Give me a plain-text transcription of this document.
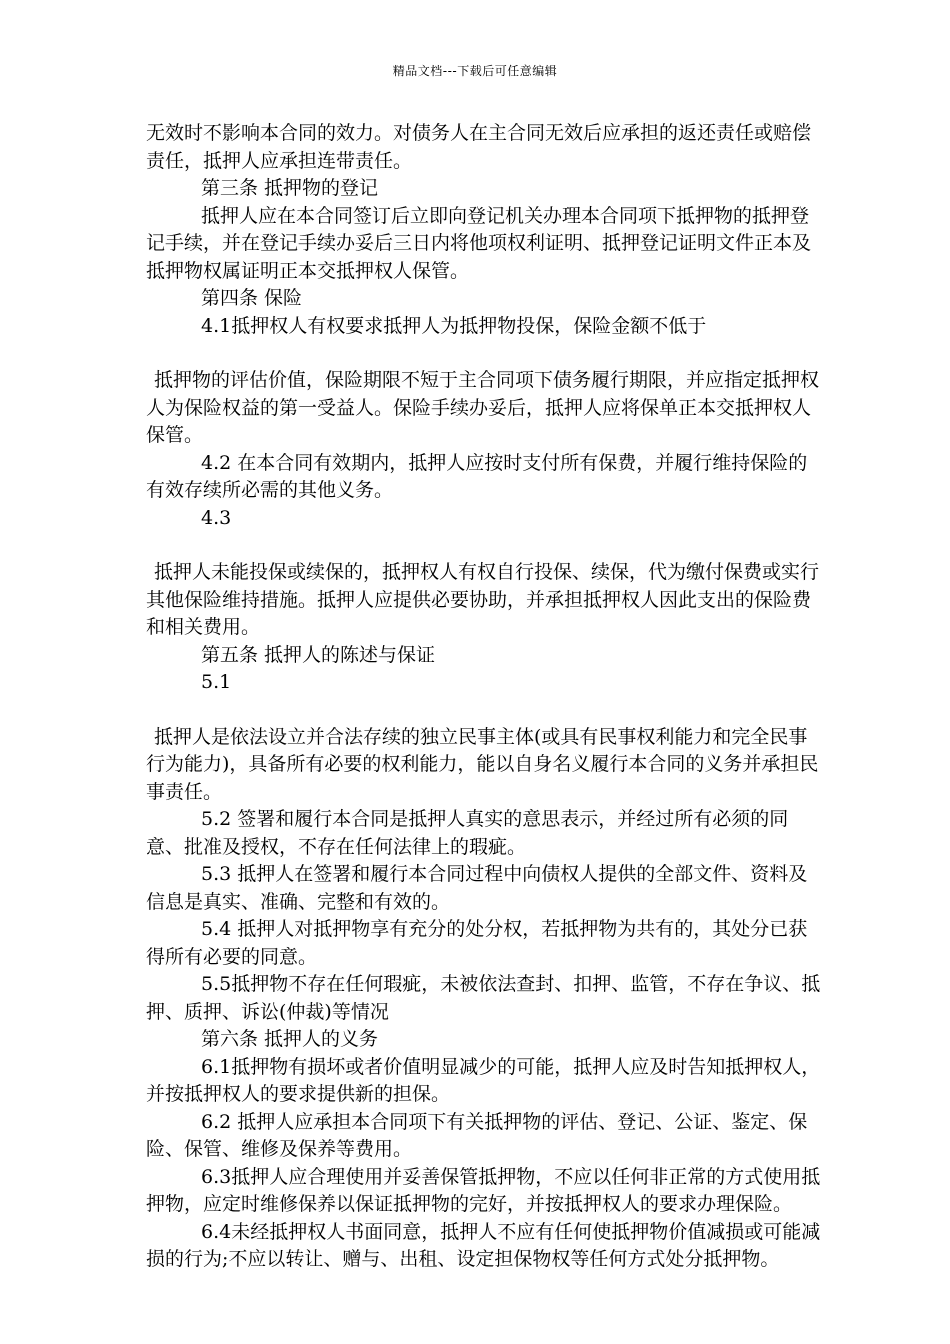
精品文档---下载后可任意编辑

无效时不影响本合同的效力。对债务人在主合同无效后应承担的返还责任或赔偿责任，抵押人应承担连带责任。

第三条 抵押物的登记

抵押人应在本合同签订后立即向登记机关办理本合同项下抵押物的抵押登记手续，并在登记手续办妥后三日内将他项权利证明、抵押登记证明文件正本及抵押物权属证明正本交抵押权人保管。

第四条 保险

4.1抵押权人有权要求抵押人为抵押物投保，保险金额不低于

抵押物的评估价值，保险期限不短于主合同项下债务履行期限，并应指定抵押权人为保险权益的第一受益人。保险手续办妥后，抵押人应将保单正本交抵押权人保管。

4.2 在本合同有效期内，抵押人应按时支付所有保费，并履行维持保险的有效存续所必需的其他义务。

4.3

抵押人未能投保或续保的，抵押权人有权自行投保、续保，代为缴付保费或实行其他保险维持措施。抵押人应提供必要协助，并承担抵押权人因此支出的保险费和相关费用。

第五条 抵押人的陈述与保证

5.1

抵押人是依法设立并合法存续的独立民事主体(或具有民事权利能力和完全民事行为能力)，具备所有必要的权利能力，能以自身名义履行本合同的义务并承担民事责任。

5.2 签署和履行本合同是抵押人真实的意思表示，并经过所有必须的同意、批准及授权，不存在任何法律上的瑕疵。

5.3 抵押人在签署和履行本合同过程中向债权人提供的全部文件、资料及信息是真实、准确、完整和有效的。

5.4 抵押人对抵押物享有充分的处分权，若抵押物为共有的，其处分已获得所有必要的同意。

5.5抵押物不存在任何瑕疵，未被依法查封、扣押、监管，不存在争议、抵押、质押、诉讼(仲裁)等情况

第六条 抵押人的义务

6.1抵押物有损坏或者价值明显减少的可能，抵押人应及时告知抵押权人，并按抵押权人的要求提供新的担保。

6.2 抵押人应承担本合同项下有关抵押物的评估、登记、公证、鉴定、保险、保管、维修及保养等费用。

6.3抵押人应合理使用并妥善保管抵押物，不应以任何非正常的方式使用抵押物，应定时维修保养以保证抵押物的完好，并按抵押权人的要求办理保险。

6.4未经抵押权人书面同意，抵押人不应有任何使抵押物价值减损或可能减损的行为;不应以转让、赠与、出租、设定担保物权等任何方式处分抵押物。
